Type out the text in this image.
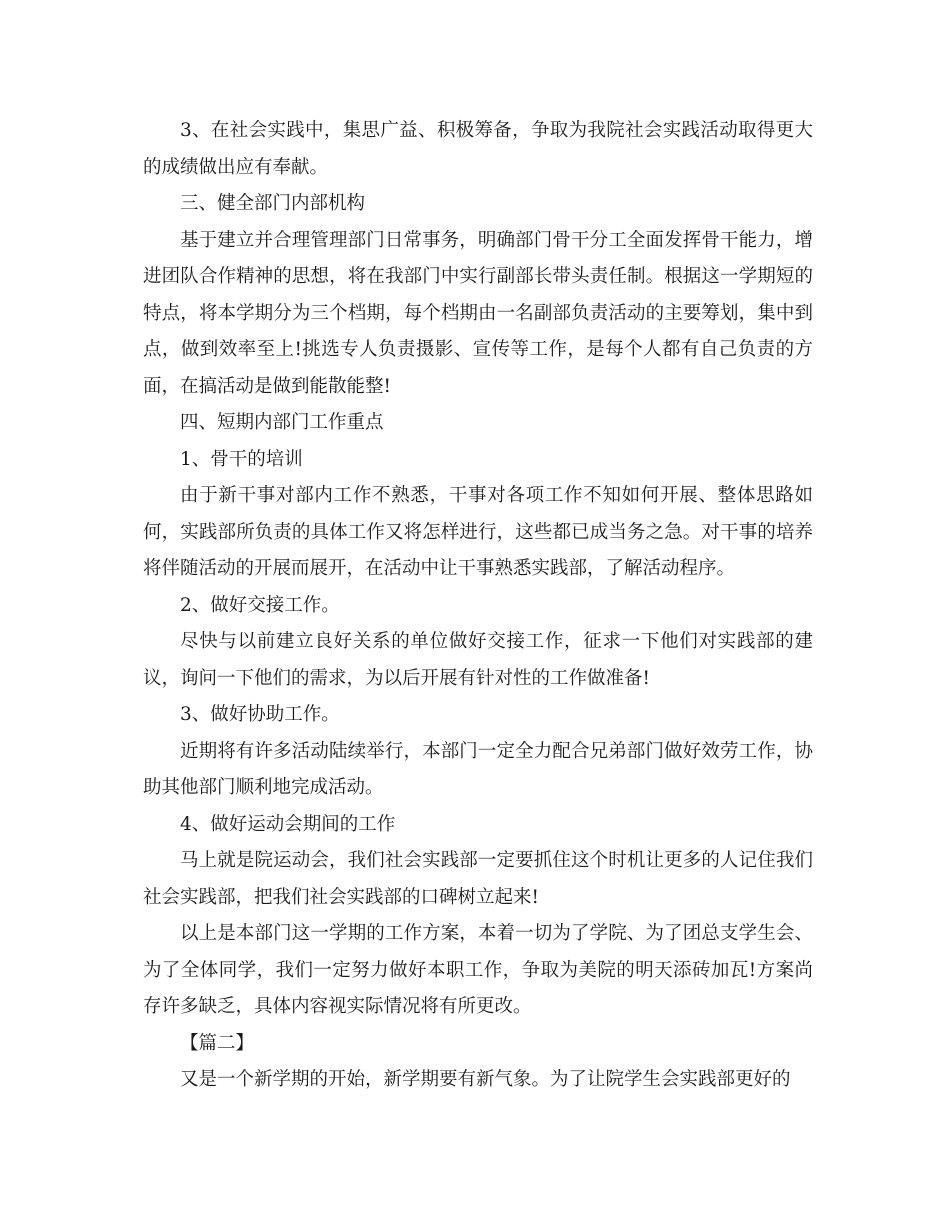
3、在社会实践中，集思广益、积极筹备，争取为我院社会实践活动取得更大的成绩做出应有奉献。

三、健全部门内部机构

基于建立并合理管理部门日常事务，明确部门骨干分工全面发挥骨干能力，增进团队合作精神的思想，将在我部门中实行副部长带头责任制。根据这一学期短的特点，将本学期分为三个档期，每个档期由一名副部负责活动的主要筹划，集中到点，做到效率至上!挑选专人负责摄影、宣传等工作，是每个人都有自己负责的方面，在搞活动是做到能散能整!

四、短期内部门工作重点

1、骨干的培训

由于新干事对部内工作不熟悉，干事对各项工作不知如何开展、整体思路如何，实践部所负责的具体工作又将怎样进行，这些都已成当务之急。对干事的培养将伴随活动的开展而展开，在活动中让干事熟悉实践部，了解活动程序。

2、做好交接工作。

尽快与以前建立良好关系的单位做好交接工作，征求一下他们对实践部的建议，询问一下他们的需求，为以后开展有针对性的工作做准备!

3、做好协助工作。

近期将有许多活动陆续举行，本部门一定全力配合兄弟部门做好效劳工作，协助其他部门顺利地完成活动。

4、做好运动会期间的工作

马上就是院运动会，我们社会实践部一定要抓住这个时机让更多的人记住我们社会实践部，把我们社会实践部的口碑树立起来!

以上是本部门这一学期的工作方案，本着一切为了学院、为了团总支学生会、为了全体同学，我们一定努力做好本职工作，争取为美院的明天添砖加瓦!方案尚存许多缺乏，具体内容视实际情况将有所更改。

【篇二】

又是一个新学期的开始，新学期要有新气象。为了让院学生会实践部更好的
